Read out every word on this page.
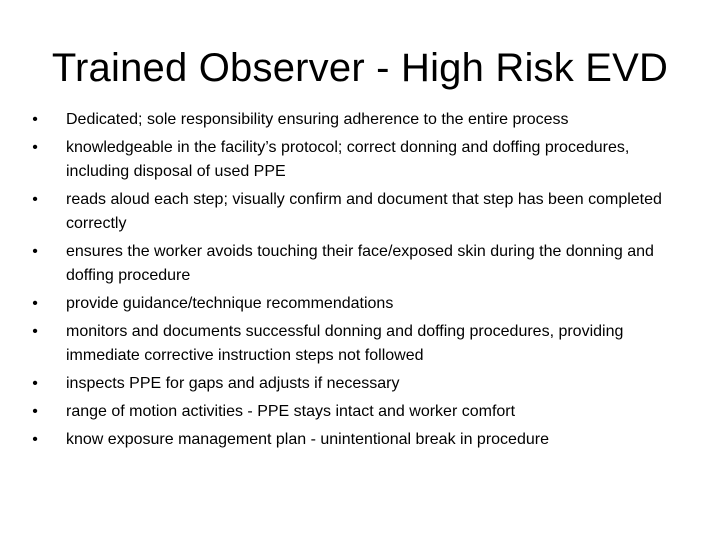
Trained Observer - High Risk EVD
• Dedicated; sole responsibility ensuring adherence to the entire process
• knowledgeable in the facility’s protocol; correct donning and doffing procedures, including disposal of used PPE
• reads aloud each step; visually confirm and document that step has been completed correctly
• ensures the worker avoids touching their face/exposed skin during the donning and doffing procedure
• provide guidance/technique recommendations
• monitors and documents successful donning and doffing procedures, providing immediate corrective instruction steps not followed
• inspects PPE for gaps and adjusts if necessary
• range of motion activities - PPE stays intact and worker comfort
• know exposure management plan - unintentional break in procedure
